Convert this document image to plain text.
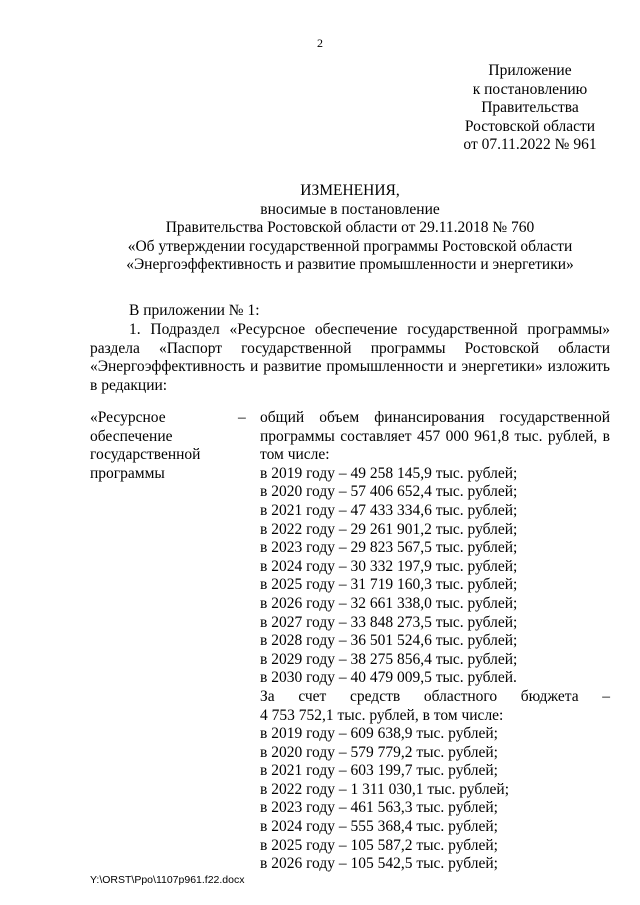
2
Приложение
к постановлению
Правительства
Ростовской области
от 07.11.2022 № 961
ИЗМЕНЕНИЯ,
вносимые в постановление
Правительства Ростовской области от 29.11.2018 № 760
«Об утверждении государственной программы Ростовской области
«Энергоэффективность и развитие промышленности и энергетики»
В приложении № 1:
1. Подраздел «Ресурсное обеспечение государственной программы» раздела «Паспорт государственной программы Ростовской области «Энергоэффективность и развитие промышленности и энергетики» изложить в редакции:
«Ресурсное обеспечение государственной программы
– общий объем финансирования государственной программы составляет 457 000 961,8 тыс. рублей, в том числе:
в 2019 году – 49 258 145,9 тыс. рублей;
в 2020 году – 57 406 652,4 тыс. рублей;
в 2021 году – 47 433 334,6 тыс. рублей;
в 2022 году – 29 261 901,2 тыс. рублей;
в 2023 году – 29 823 567,5 тыс. рублей;
в 2024 году – 30 332 197,9 тыс. рублей;
в 2025 году – 31 719 160,3 тыс. рублей;
в 2026 году – 32 661 338,0 тыс. рублей;
в 2027 году – 33 848 273,5 тыс. рублей;
в 2028 году – 36 501 524,6 тыс. рублей;
в 2029 году – 38 275 856,4 тыс. рублей;
в 2030 году – 40 479 009,5 тыс. рублей.
За счет средств областного бюджета –
4 753 752,1 тыс. рублей, в том числе:
в 2019 году – 609 638,9 тыс. рублей;
в 2020 году – 579 779,2 тыс. рублей;
в 2021 году – 603 199,7 тыс. рублей;
в 2022 году – 1 311 030,1 тыс. рублей;
в 2023 году – 461 563,3 тыс. рублей;
в 2024 году – 555 368,4 тыс. рублей;
в 2025 году – 105 587,2 тыс. рублей;
в 2026 году – 105 542,5 тыс. рублей;
Y:\ORST\Ppo\1107p961.f22.docx
